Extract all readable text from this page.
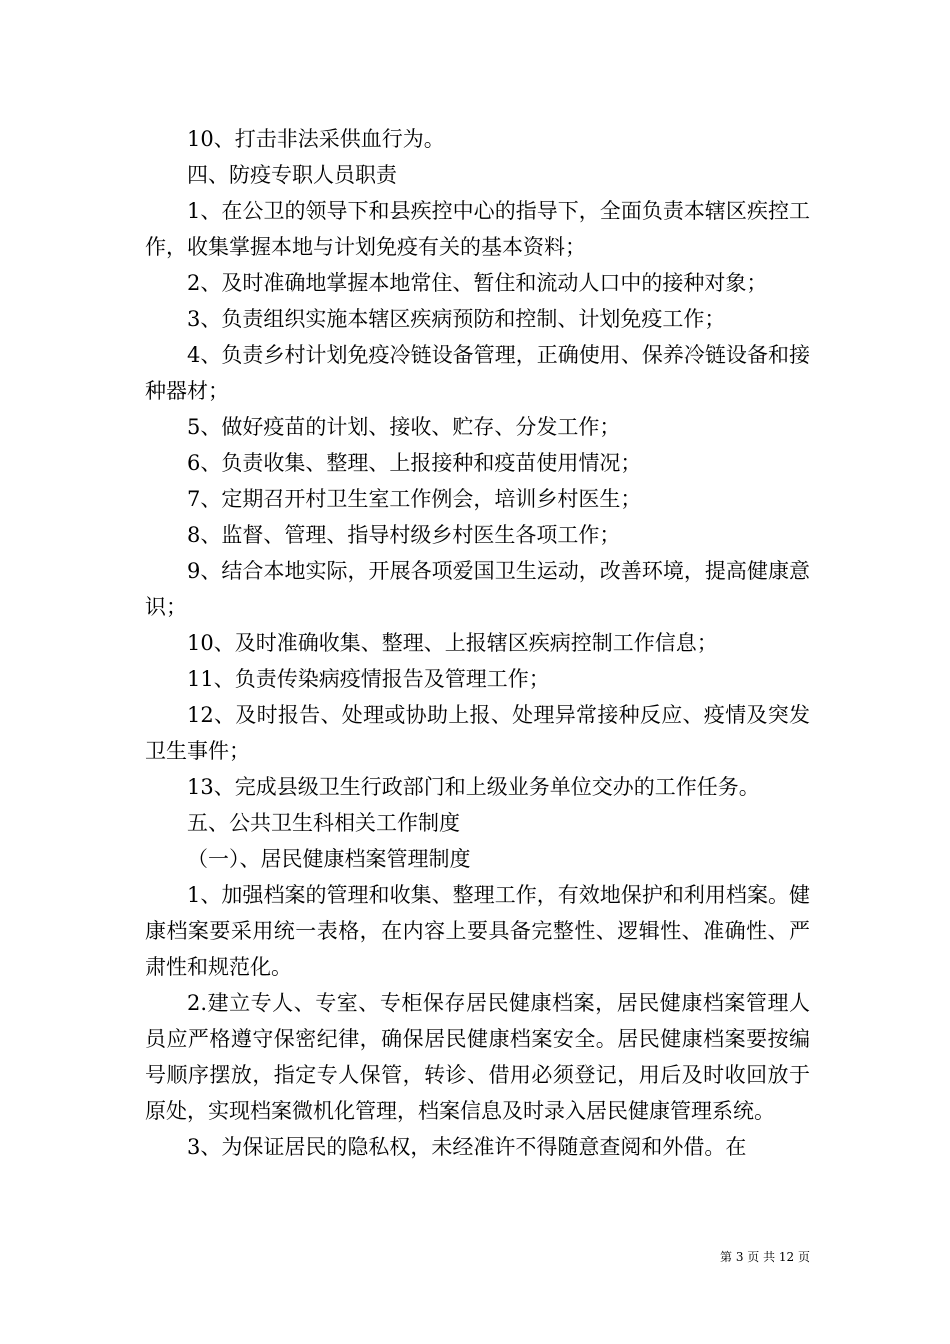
10、打击非法采供血行为。

四、防疫专职人员职责

1、在公卫的领导下和县疾控中心的指导下，全面负责本辖区疾控工作，收集掌握本地与计划免疫有关的基本资料；

2、及时准确地掌握本地常住、暂住和流动人口中的接种对象；

3、负责组织实施本辖区疾病预防和控制、计划免疫工作；

4、负责乡村计划免疫冷链设备管理，正确使用、保养冷链设备和接种器材；

5、做好疫苗的计划、接收、贮存、分发工作；

6、负责收集、整理、上报接种和疫苗使用情况；

7、定期召开村卫生室工作例会，培训乡村医生；

8、监督、管理、指导村级乡村医生各项工作；

9、结合本地实际，开展各项爱国卫生运动，改善环境，提高健康意识；

10、及时准确收集、整理、上报辖区疾病控制工作信息；

11、负责传染病疫情报告及管理工作；

12、及时报告、处理或协助上报、处理异常接种反应、疫情及突发卫生事件；

13、完成县级卫生行政部门和上级业务单位交办的工作任务。

五、公共卫生科相关工作制度

（一）、居民健康档案管理制度

1、加强档案的管理和收集、整理工作，有效地保护和利用档案。健康档案要采用统一表格，在内容上要具备完整性、逻辑性、准确性、严肃性和规范化。

2.建立专人、专室、专柜保存居民健康档案，居民健康档案管理人员应严格遵守保密纪律，确保居民健康档案安全。居民健康档案要按编号顺序摆放，指定专人保管，转诊、借用必须登记，用后及时收回放于原处，实现档案微机化管理，档案信息及时录入居民健康管理系统。

3、为保证居民的隐私权，未经准许不得随意查阅和外借。在

第 3 页 共 12 页
